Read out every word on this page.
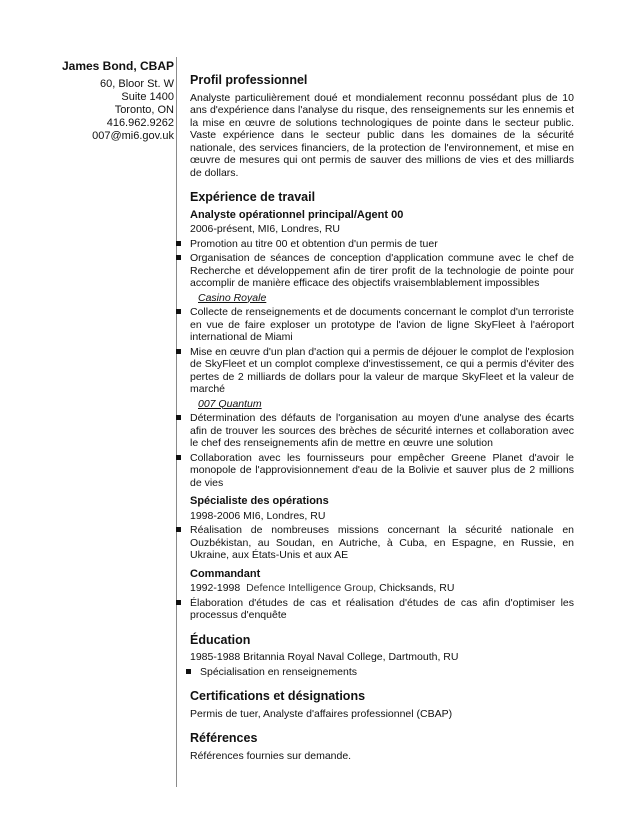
James Bond, CBAP
60, Bloor St. W
Suite 1400
Toronto, ON
416.962.9262
007@mi6.gov.uk
Profil professionnel

Analyste particulièrement doué et mondialement reconnu possédant plus de 10 ans d'expérience dans l'analyse du risque, des renseignements sur les ennemis et la mise en œuvre de solutions technologiques de pointe dans le secteur public. Vaste expérience dans le secteur public dans les domaines de la sécurité nationale, des services financiers, de la protection de l'environnement, et mise en œuvre de mesures qui ont permis de sauver des millions de vies et des milliards de dollars.

Expérience de travail
Analyste opérationnel principal/Agent 00
2006-présent, MI6, Londres, RU
Promotion au titre 00 et obtention d'un permis de tuer
Organisation de séances de conception d'application commune avec le chef de Recherche et développement afin de tirer profit de la technologie de pointe pour accomplir de manière efficace des objectifs vraisemblablement impossibles
Casino Royale
Collecte de renseignements et de documents concernant le complot d'un terroriste en vue de faire exploser un prototype de l'avion de ligne SkyFleet à l'aéroport international de Miami
Mise en œuvre d'un plan d'action qui a permis de déjouer le complot de l'explosion de SkyFleet et un complot complexe d'investissement, ce qui a permis d'éviter des pertes de 2 milliards de dollars pour la valeur de marque SkyFleet et la valeur de marché
007 Quantum
Détermination des défauts de l'organisation au moyen d'une analyse des écarts afin de trouver les sources des brèches de sécurité internes et collaboration avec le chef des renseignements afin de mettre en œuvre une solution
Collaboration avec les fournisseurs pour empêcher Greene Planet d'avoir le monopole de l'approvisionnement d'eau de la Bolivie et sauver plus de 2 millions de vies
Spécialiste des opérations
1998-2006 MI6, Londres, RU
Réalisation de nombreuses missions concernant la sécurité nationale en Ouzbékistan, au Soudan, en Autriche, à Cuba, en Espagne, en Russie, en Ukraine, aux États-Unis et aux AE
Commandant
1992-1998 Defence Intelligence Group, Chicksands, RU
Élaboration d'études de cas et réalisation d'études de cas afin d'optimiser les processus d'enquête
Éducation
1985-1988 Britannia Royal Naval College, Dartmouth, RU
Spécialisation en renseignements
Certifications et désignations
Permis de tuer, Analyste d'affaires professionnel (CBAP)
Références
Références fournies sur demande.
